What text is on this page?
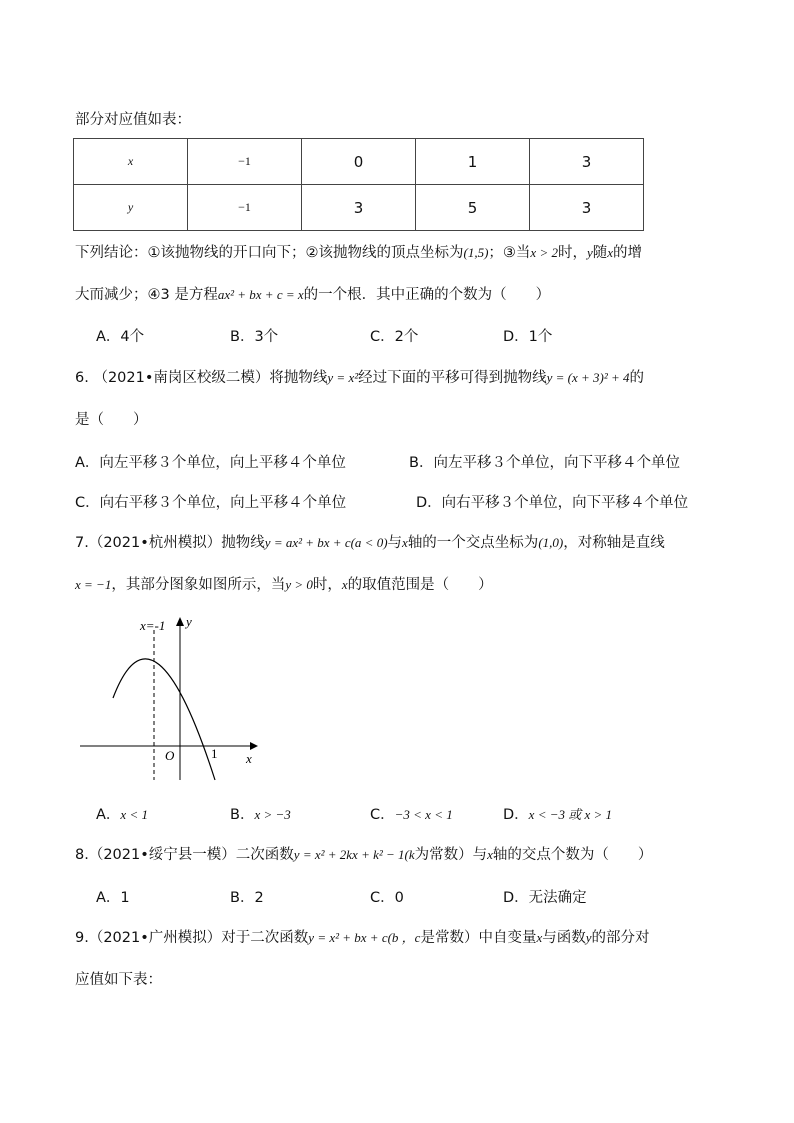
部分对应值如表：
x	−1	0	1	3
y	−1	3	5	3
下列结论：①该抛物线的开口向下；②该抛物线的顶点坐标为(1,5)；③当x > 2时，y随x的增
大而减少；④3 是方程ax² + bx + c = x的一个根．其中正确的个数为（　　）
A．4个	B．3个	C．2个	D．1个
6. （2021•南岗区校级二模）将抛物线y = x²经过下面的平移可得到抛物线y = (x + 3)² + 4的
是（　　）
A．向左平移３个单位，向上平移４个单位	B．向左平移３个单位，向下平移４个单位
C．向右平移３个单位，向上平移４个单位	D．向右平移３个单位，向下平移４个单位
7.（2021•杭州模拟）抛物线y = ax² + bx + c(a < 0)与x轴的一个交点坐标为(1,0)，对称轴是直线
x = −1，其部分图象如图所示，当y > 0时，x的取值范围是（　　）
x=-1 y
O	1 x
A．x < 1	B．x > −3	C．−3 < x < 1	D．x < −3 或 x > 1
8.（2021•绥宁县一模）二次函数y = x² + 2kx + k² − 1(k为常数）与x轴的交点个数为（　　）
A．1	B．2	C．0	D．无法确定
9.（2021•广州模拟）对于二次函数y = x² + bx + c(b ，c是常数）中自变量x与函数y的部分对
应值如下表：
